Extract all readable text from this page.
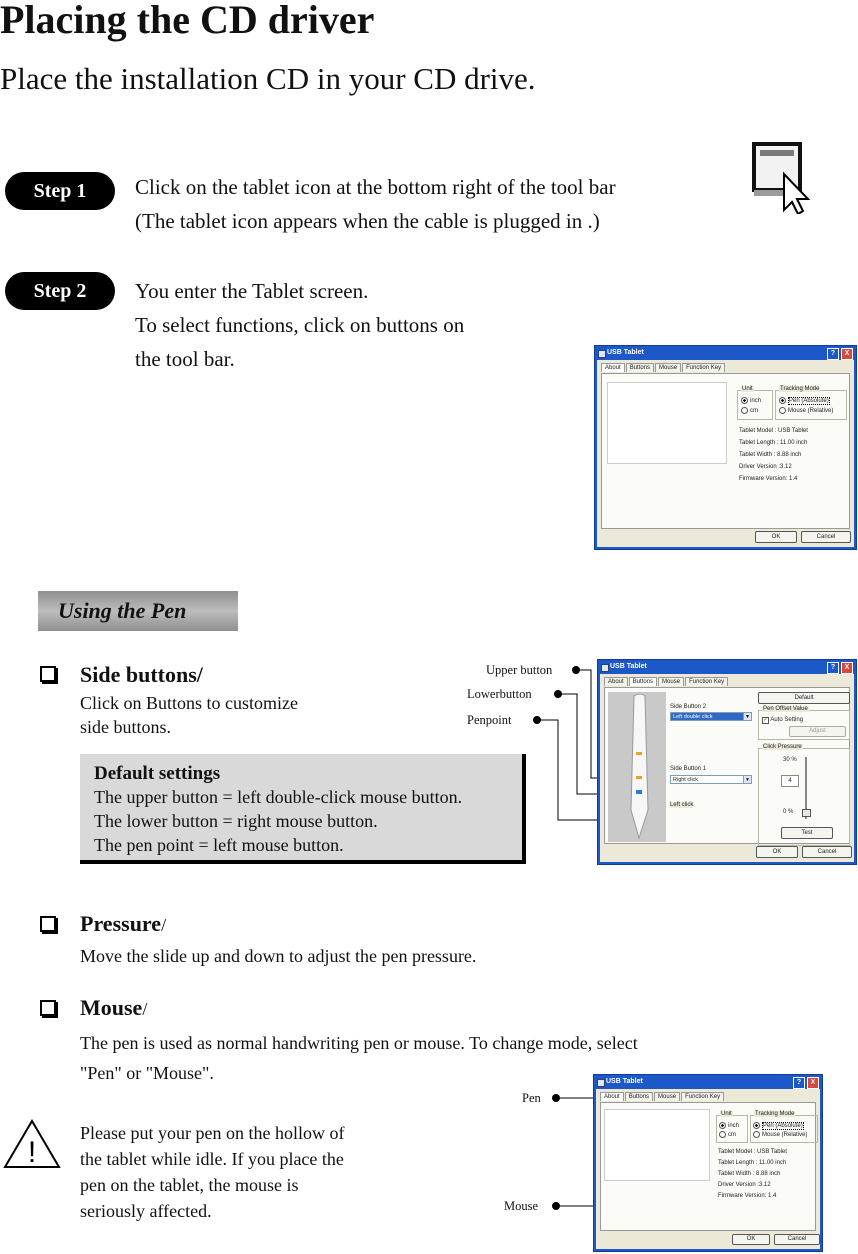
Placing the CD driver
Place the installation CD in your CD drive.
Step 1	Click on the tablet icon at the bottom right of the tool bar
(The tablet icon appears when the cable is plugged in .)
Step 2	You enter the Tablet screen.
To select functions, click on buttons on
the tool bar.	USB Tablet	?	X
About	Buttons	Mouse	Function Key
Unit
inch
cm
Tracking Mode
Pen (Absolute)
Mouse (Relative)
Tablet Model : USB Tablet
Tablet Length : 11.00 inch
Tablet Width : 8.88 inch
Driver Version :3.12
Firmware Version: 1.4
OK	Cancel
Using the Pen
Side buttons/
Click on Buttons to customize
side buttons.
Default settings
The upper button = left double-click mouse button.
The lower button = right mouse button.
The pen point = left mouse button.
Upper button
Lowerbutton
Penpoint
USB Tablet	?	X
About	Buttons	Mouse	Function Key
Default
Side Button 2
Left double click	▼
Pen Offset Value
✓ Auto Setting
Adjust
Side Button 1
Right click	▼
Click Pressure
30 %
4
0 %
Test
Left click
OK	Cancel
Pressure/
Move the slide up and down to adjust the pen pressure.
Mouse/
The pen is used as normal handwriting pen or mouse. To change mode, select
"Pen" or "Mouse".
!
Please put your pen on the hollow of
the tablet while idle. If you place the
pen on the tablet, the mouse is
seriously affected.
Pen
Mouse
USB Tablet	?	X
About	Buttons	Mouse	Function Key
Unit
inch
cm
Tracking Mode
Pen (Absolute)
Mouse (Relative)
Tablet Model : USB Tablet
Tablet Length : 11.00 inch
Tablet Width : 8.88 inch
Driver Version :3.12
Firmware Version: 1.4
OK	Cancel
